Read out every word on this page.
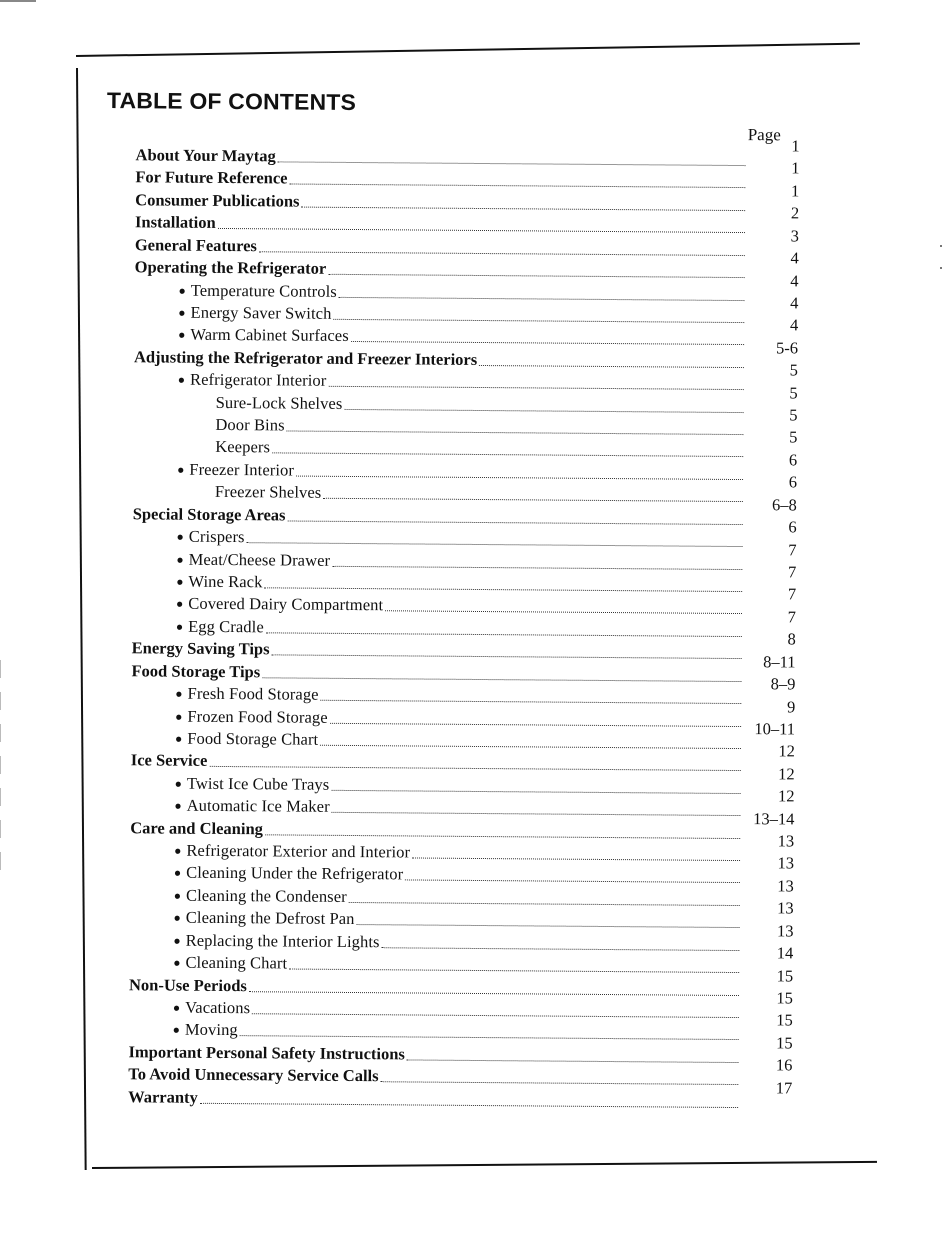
TABLE OF CONTENTS
Page
About Your Maytag	1
For Future Reference	1
Consumer Publications	1
Installation	2
General Features	3
Operating the Refrigerator	4
● Temperature Controls	4
● Energy Saver Switch	4
● Warm Cabinet Surfaces	4
Adjusting the Refrigerator and Freezer Interiors	5-6
● Refrigerator Interior	5
Sure-Lock Shelves	5
Door Bins	5
Keepers	5
● Freezer Interior	6
Freezer Shelves	6
Special Storage Areas	6–8
● Crispers	6
● Meat/Cheese Drawer	7
● Wine Rack	7
● Covered Dairy Compartment	7
● Egg Cradle	7
Energy Saving Tips	8
Food Storage Tips	8–11
● Fresh Food Storage	8–9
● Frozen Food Storage	9
● Food Storage Chart	10–11
Ice Service	12
● Twist Ice Cube Trays	12
● Automatic Ice Maker	12
Care and Cleaning	13–14
● Refrigerator Exterior and Interior	13
● Cleaning Under the Refrigerator	13
● Cleaning the Condenser	13
● Cleaning the Defrost Pan	13
● Replacing the Interior Lights	13
● Cleaning Chart	14
Non-Use Periods	15
● Vacations	15
● Moving	15
Important Personal Safety Instructions	15
To Avoid Unnecessary Service Calls	16
Warranty	17
